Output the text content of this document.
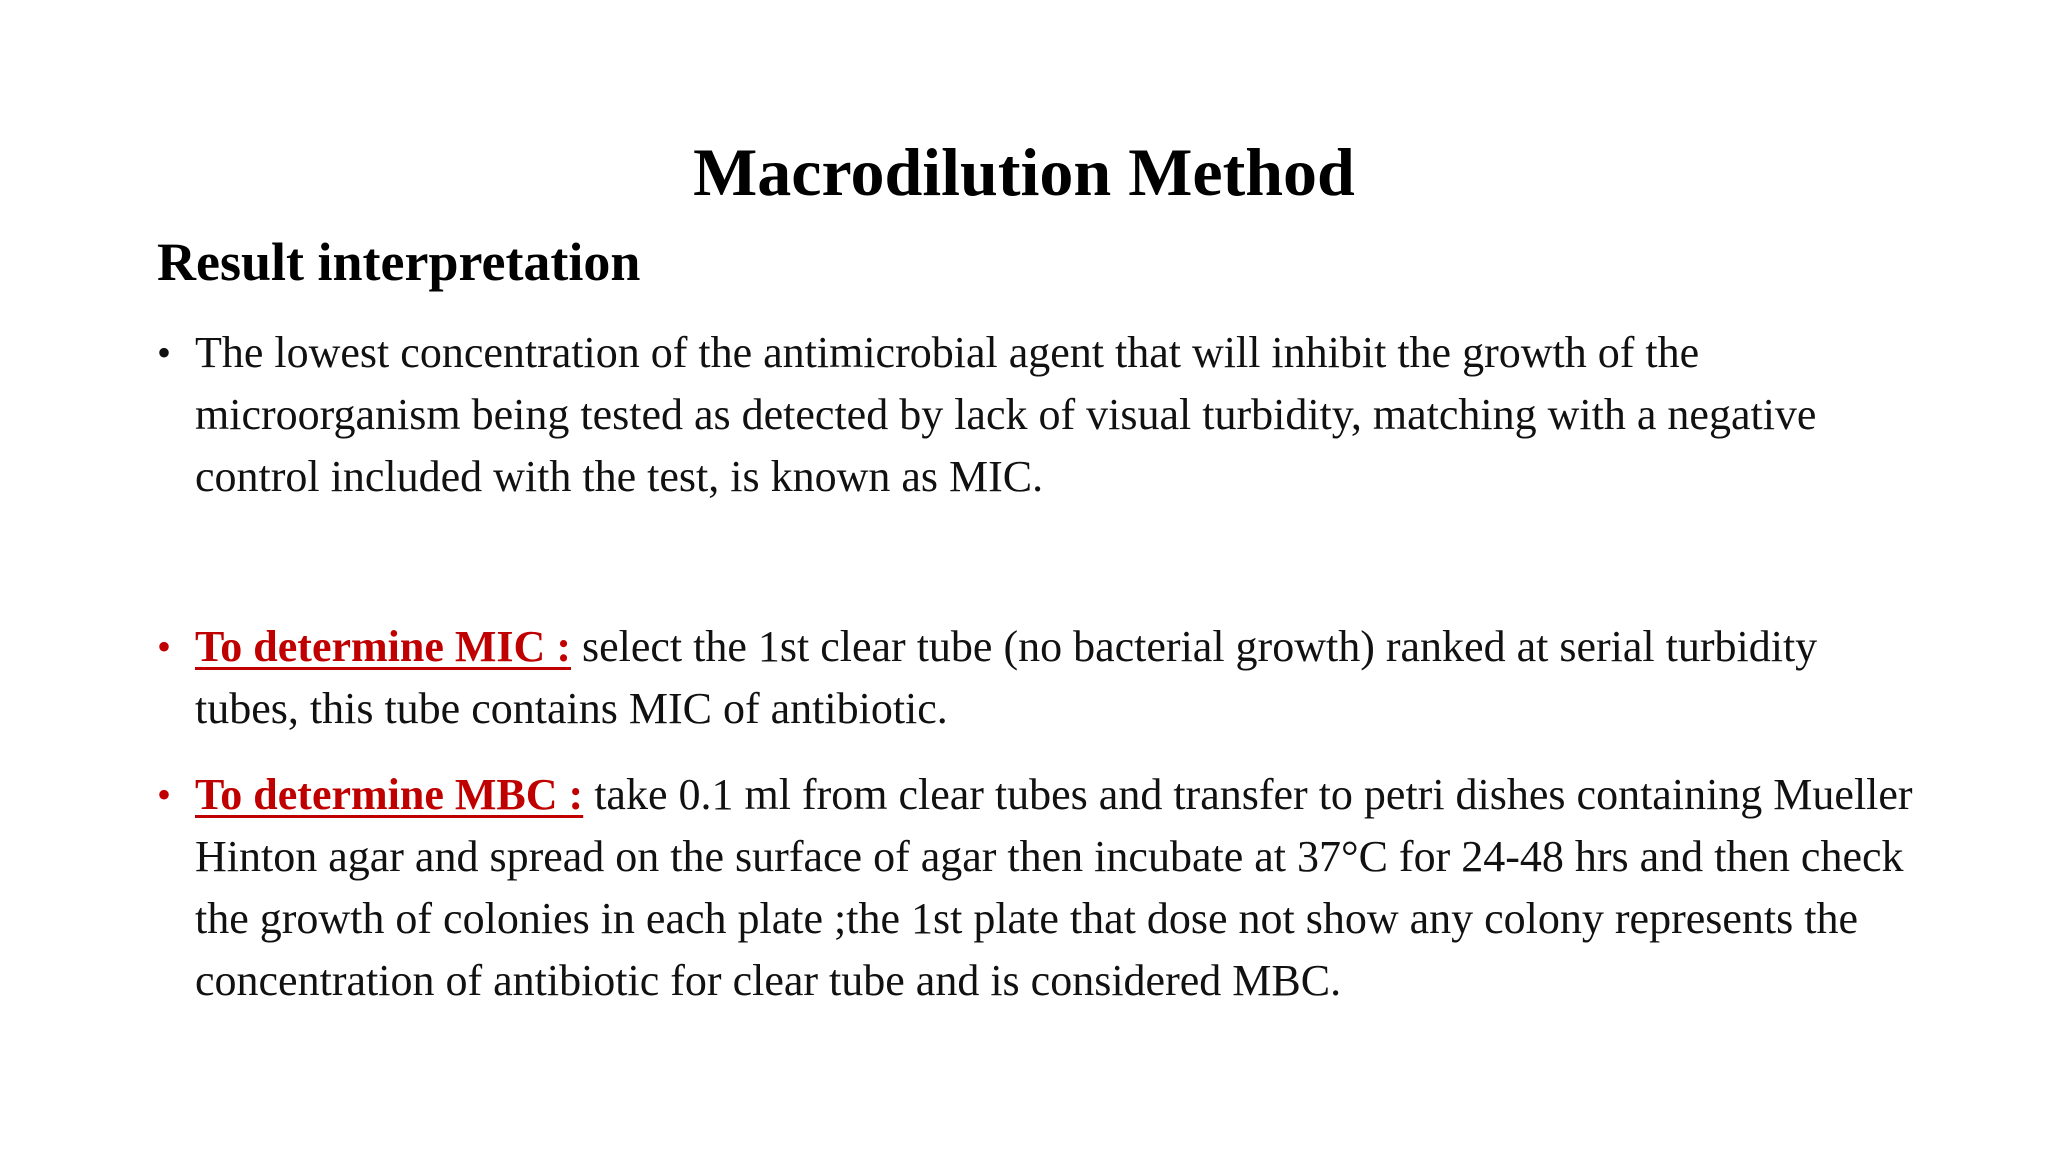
Macrodilution Method
Result interpretation
• The lowest concentration of the antimicrobial agent that will inhibit the growth of the microorganism being tested as detected by lack of visual turbidity, matching with a negative control included with the test, is known as MIC.
• To determine MIC : select the 1st clear tube (no bacterial growth) ranked at serial turbidity tubes, this tube contains MIC of antibiotic.
• To determine MBC : take 0.1 ml from clear tubes and transfer to petri dishes containing Mueller Hinton agar and spread on the surface of agar then incubate at 37°C for 24-48 hrs and then check the growth of colonies in each plate ;the 1st plate that dose not show any colony represents the concentration of antibiotic for clear tube and is considered MBC.
